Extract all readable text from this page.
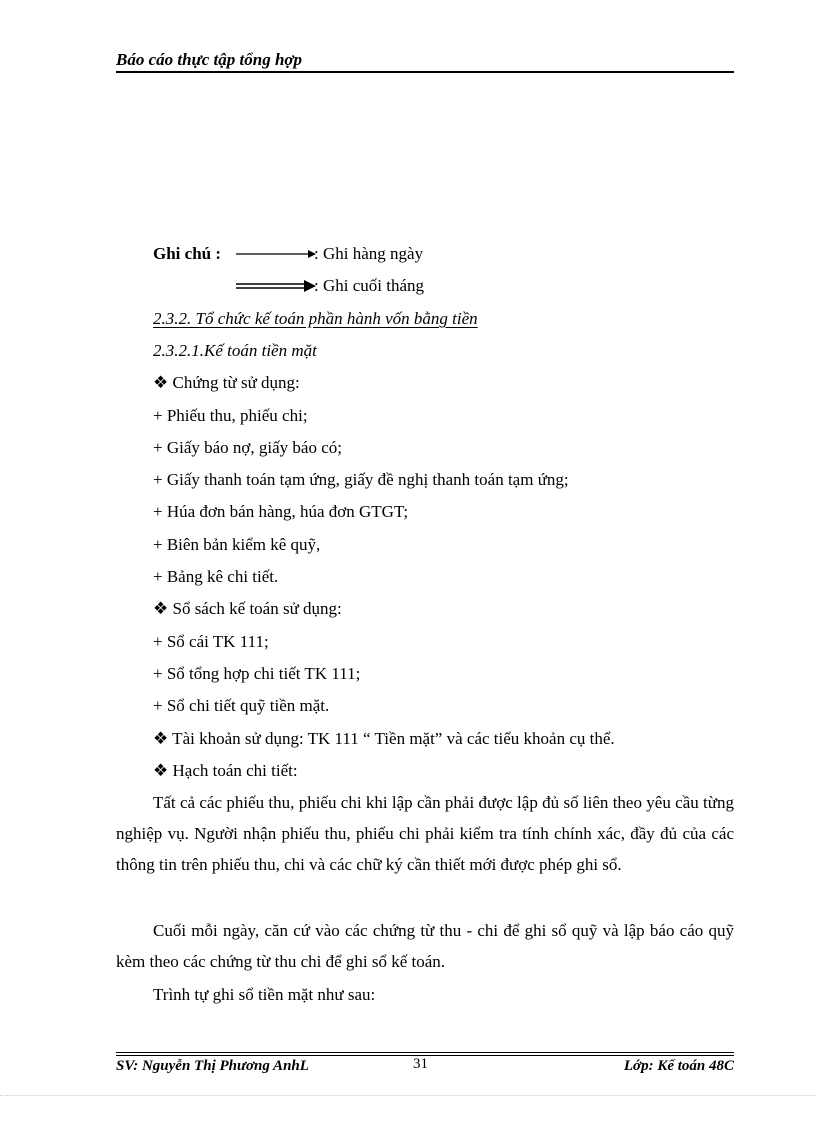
Báo cáo thực tập tổng hợp
Ghi chú :	: Ghi hàng ngày
: Ghi cuối tháng
2.3.2. Tổ chức kế toán phần hành vốn bằng tiền
2.3.2.1.Kế toán tiền mặt
❖ Chứng từ sử dụng:
+ Phiếu thu, phiếu chi;
+ Giấy báo nợ, giấy báo có;
+ Giấy thanh toán tạm ứng, giấy đề nghị thanh toán tạm ứng;
+ Húa đơn bán hàng, húa đơn GTGT;
+ Biên bản kiểm kê quỹ,
+ Bảng kê chi tiết.
❖ Sổ sách kế toán sử dụng:
+ Sổ cái TK 111;
+ Sổ tổng hợp chi tiết TK 111;
+ Sổ chi tiết quỹ tiền mặt.
❖ Tài khoản sử dụng: TK 111 “ Tiền mặt” và các tiểu khoản cụ thể.
❖ Hạch toán chi tiết:

Tất cả các phiếu thu, phiếu chi khi lập cần phải được lập đủ số liên theo yêu cầu từng nghiệp vụ. Người nhận phiếu thu, phiếu chi phải kiểm tra tính chính xác, đầy đủ của các thông tin trên phiếu thu, chi và các chữ ký cần thiết mới được phép ghi sổ.

Cuối mỗi ngày, căn cứ vào các chứng từ thu - chi để ghi sổ quỹ và lập báo cáo quỹ kèm theo các chứng từ thu chi để ghi sổ kế toán.

Trình tự ghi sổ tiền mặt như sau:

SV: Nguyễn Thị Phương AnhL	31	Lớp: Kế toán 48C
